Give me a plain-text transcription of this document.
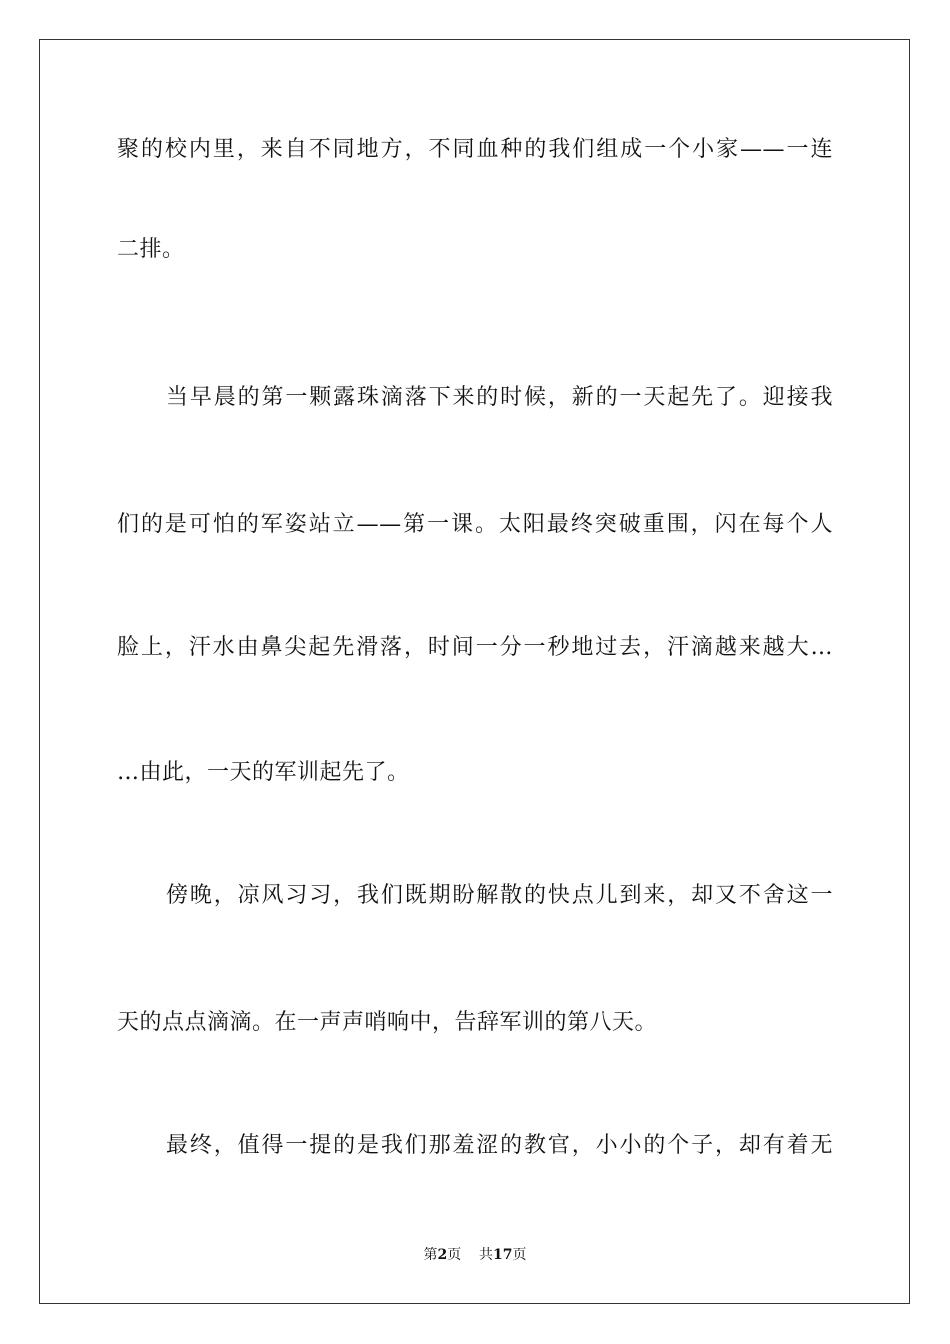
聚的校内里，来自不同地方，不同血种的我们组成一个小家——一连
二排。
当早晨的第一颗露珠滴落下来的时候，新的一天起先了。迎接我
们的是可怕的军姿站立——第一课。太阳最终突破重围，闪在每个人
脸上，汗水由鼻尖起先滑落，时间一分一秒地过去，汗滴越来越大…
…由此，一天的军训起先了。
傍晚，凉风习习，我们既期盼解散的快点儿到来，却又不舍这一
天的点点滴滴。在一声声哨响中，告辞军训的第八天。
最终，值得一提的是我们那羞涩的教官，小小的个子，却有着无
第2页 共17页
